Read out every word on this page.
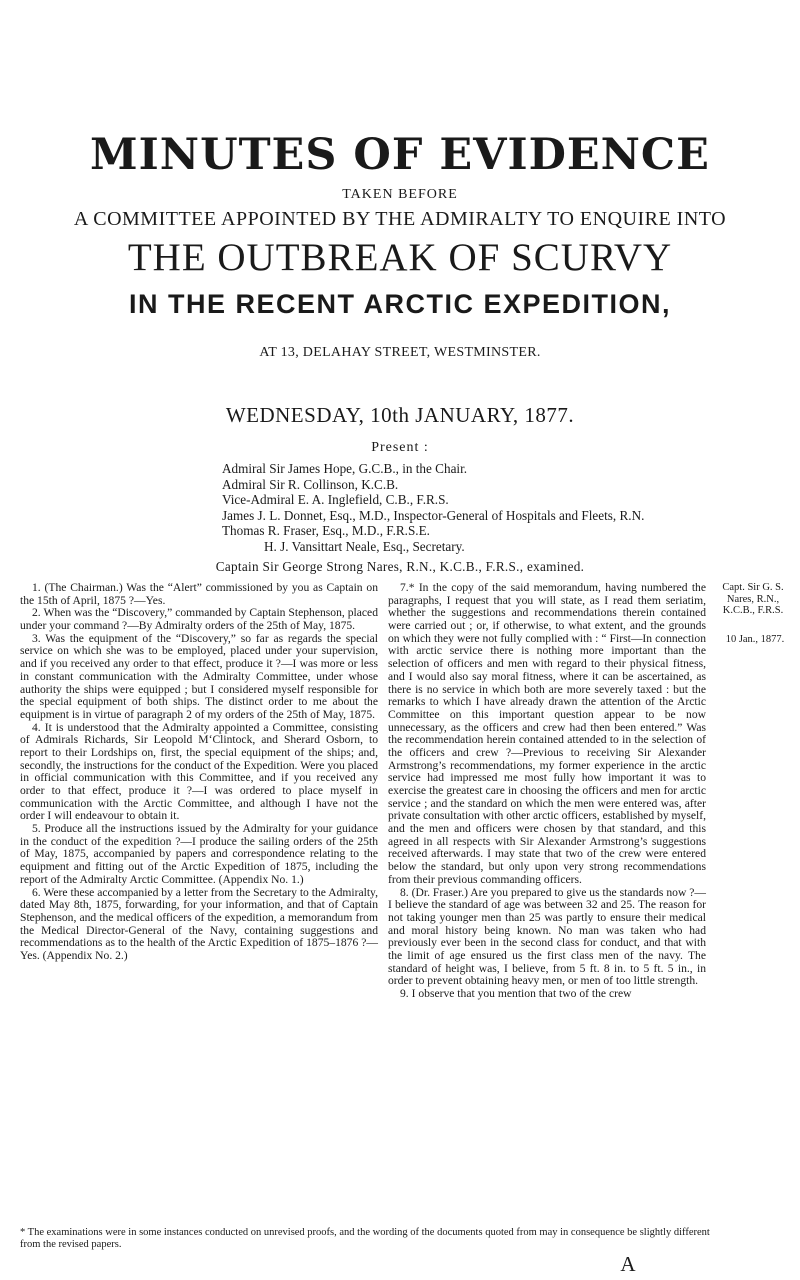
MINUTES OF EVIDENCE
TAKEN BEFORE
A COMMITTEE APPOINTED BY THE ADMIRALTY TO ENQUIRE INTO
THE OUTBREAK OF SCURVY
IN THE RECENT ARCTIC EXPEDITION,
AT 13, DELAHAY STREET, WESTMINSTER.
WEDNESDAY, 10th JANUARY, 1877.
Present :
Admiral Sir James Hope, G.C.B., in the Chair.
Admiral Sir R. Collinson, K.C.B.
Vice-Admiral E. A. Inglefield, C.B., F.R.S.
James J. L. Donnet, Esq., M.D., Inspector-General of Hospitals and Fleets, R.N.
Thomas R. Fraser, Esq., M.D., F.R.S.E.
H. J. Vansittart Neale, Esq., Secretary.
Captain Sir George Strong Nares, R.N., K.C.B., F.R.S., examined.

1. (The Chairman.) Was the “Alert” commissioned by you as Captain on the 15th of April, 1875 ?—Yes.

2. When was the “Discovery,” commanded by Captain Stephenson, placed under your command ?—By Admiralty orders of the 25th of May, 1875.

3. Was the equipment of the “Discovery,” so far as regards the special service on which she was to be employed, placed under your supervision, and if you received any order to that effect, produce it ?—I was more or less in constant communication with the Admiralty Committee, under whose authority the ships were equipped ; but I considered myself responsible for the special equipment of both ships. The distinct order to me about the equipment is in virtue of paragraph 2 of my orders of the 25th of May, 1875.

4. It is understood that the Admiralty appointed a Committee, consisting of Admirals Richards, Sir Leopold M‘Clintock, and Sherard Osborn, to report to their Lordships on, first, the special equipment of the ships; and, secondly, the instructions for the conduct of the Expedition. Were you placed in official communication with this Committee, and if you received any order to that effect, produce it ?—I was ordered to place myself in communication with the Arctic Committee, and although I have not the order I will endeavour to obtain it.

5. Produce all the instructions issued by the Admiralty for your guidance in the conduct of the expedition ?—I produce the sailing orders of the 25th of May, 1875, accompanied by papers and correspondence relating to the equipment and fitting out of the Arctic Expedition of 1875, including the report of the Admiralty Arctic Committee. (Appendix No. 1.)

6. Were these accompanied by a letter from the Secretary to the Admiralty, dated May 8th, 1875, forwarding, for your information, and that of Captain Stephenson, and the medical officers of the expedition, a memorandum from the Medical Director-General of the Navy, containing suggestions and recommendations as to the health of the Arctic Expedition of 1875–1876 ?—Yes. (Appendix No. 2.)

7.* In the copy of the said memorandum, having numbered the paragraphs, I request that you will state, as I read them seriatim, whether the suggestions and recommendations therein contained were carried out ; or, if otherwise, to what extent, and the grounds on which they were not fully complied with : “ First—In connection with arctic service there is nothing more important than the selection of officers and men with regard to their physical fitness, and I would also say moral fitness, where it can be ascertained, as there is no service in which both are more severely taxed : but the remarks to which I have already drawn the attention of the Arctic Committee on this important question appear to be now unnecessary, as the officers and crew had then been entered.” Was the recommendation herein contained attended to in the selection of the officers and crew ?—Previous to receiving Sir Alexander Armstrong’s recommendations, my former experience in the arctic service had impressed me most fully how important it was to exercise the greatest care in choosing the officers and men for arctic service ; and the standard on which the men were entered was, after private consultation with other arctic officers, established by myself, and the men and officers were chosen by that standard, and this agreed in all respects with Sir Alexander Armstrong’s suggestions received afterwards. I may state that two of the crew were entered below the standard, but only upon very strong recommendations from their previous commanding officers.

8. (Dr. Fraser.) Are you prepared to give us the standards now ?—I believe the standard of age was between 32 and 25. The reason for not taking younger men than 25 was partly to ensure their medical and moral history being known. No man was taken who had previously ever been in the second class for conduct, and that with the limit of age ensured us the first class men of the navy. The standard of height was, I believe, from 5 ft. 8 in. to 5 ft. 5 in., in order to prevent obtaining heavy men, or men of too little strength.

9. I observe that you mention that two of the crew

Capt. Sir G. S. Nares, R.N., K.C.B., F.R.S.
10 Jan., 1877.
* The examinations were in some instances conducted on unrevised proofs, and the wording of the documents quoted from may in consequence be slightly different from the revised papers.
A
